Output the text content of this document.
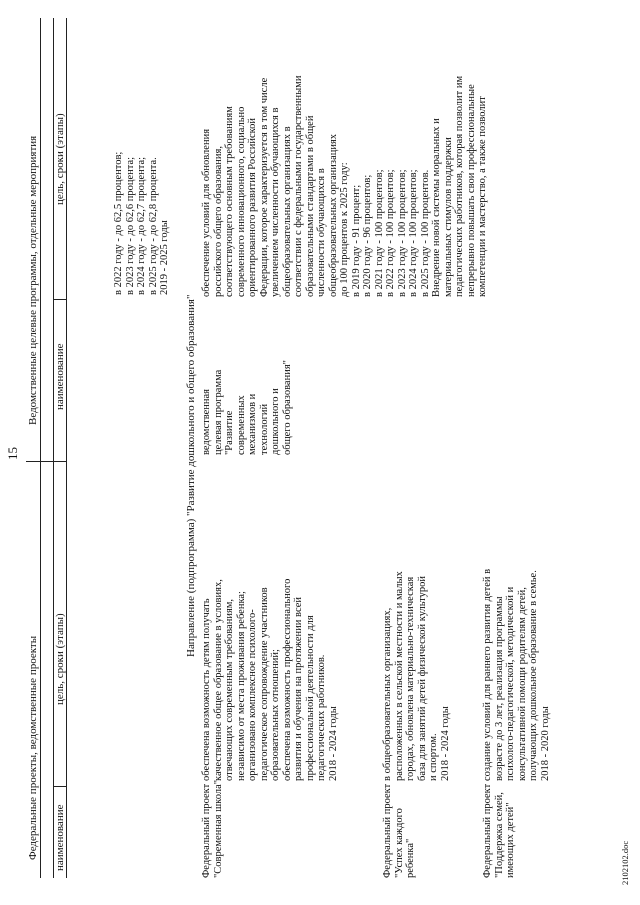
15
Федеральные проекты, ведомственные проекты
Ведомственные целевые программы, отдельные мероприятия
наименование
цель, сроки (этапы)
наименование
цель, сроки (этапы)	в 2022 году - до 62,5 процентов; в 2023 году - до 62,6 процента; в 2024 году - до 62,7 процента; в 2025 году - до 62,8 процента. 2019 - 2025 годы
Направление (подпрограмма) "Развитие дошкольного и общего образования"
Федеральный проект "Современная школа"
обеспечена возможность детям получать качественное общее образование в условиях, отвечающих современным требованиям, независимо от места проживания ребенка; организовано комплексное психолого- педагогическое сопровождение участников образовательных отношений; обеспечена возможность профессионального развития и обучения на протяжении всей профессиональной деятельности для педагогических работников. 2018 - 2024 годы
Федеральный проект "Успех каждого ребенка"
в общеобразовательных организациях, расположенных в сельской местности и малых городах, обновлена материально-техническая база для занятий детей физической культурой и спортом. 2018 - 2024 годы
Федеральный проект "Поддержка семей, имеющих детей"
создание условий для раннего развития детей в возрасте до 3 лет, реализация программы психолого-педагогической, методической и консультативной помощи родителям детей, получающих дошкольное образование в семье. 2018 - 2020 годы
ведомственная целевая программа "Развитие современных механизмов и технологий дошкольного и общего образования"
обеспечение условий для обновления российского общего образования, соответствующего основным требованиям современного инновационного, социально ориентированного развития Российской Федерации, которое характеризуется в том числе увеличением численности обучающихся в общеобразовательных организациях в соответствии с федеральными государственными образовательными стандартами в общей численности обучающихся в общеобразовательных организациях до 100 процентов к 2025 году: в 2019 году - 91 процент; в 2020 году - 96 процентов; в 2021 году - 100 процентов; в 2022 году - 100 процентов; в 2023 году - 100 процентов; в 2024 году - 100 процентов; в 2025 году - 100 процентов. Внедрение новой системы моральных и материальных стимулов поддержки педагогических работников, которая позволит им непрерывно повышать свои профессиональные компетенции и мастерство, а также позволит
2102102.doc
